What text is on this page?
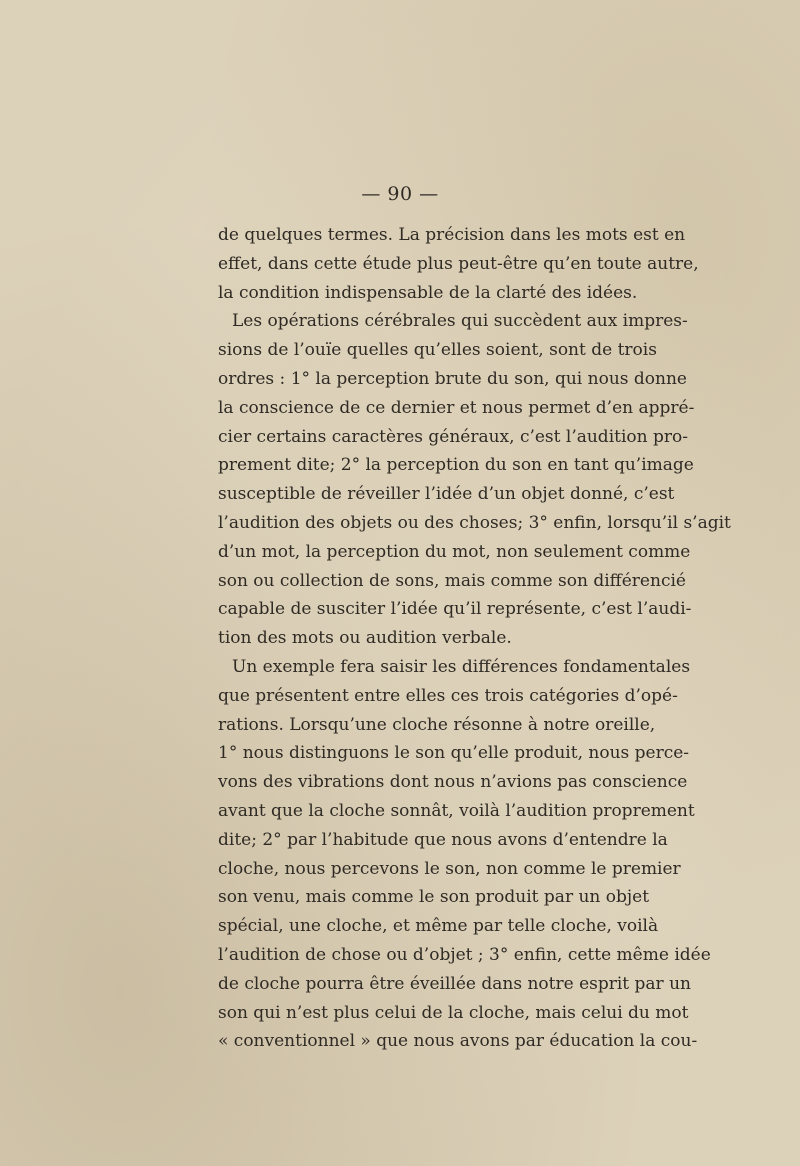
— 90 —
de quelques termes. La précision dans les mots est en
effet, dans cette étude plus peut-être qu’en toute autre,
la condition indispensable de la clarté des idées.
Les opérations cérébrales qui succèdent aux impres-
sions de l’ouïe quelles qu’elles soient, sont de trois
ordres : 1° la perception brute du son, qui nous donne
la conscience de ce dernier et nous permet d’en appré-
cier certains caractères généraux, c’est l’audition pro-
prement dite; 2° la perception du son en tant qu’image
susceptible de réveiller l’idée d’un objet donné, c’est
l’audition des objets ou des choses; 3° enfin, lorsqu’il s’agit
d’un mot, la perception du mot, non seulement comme
son ou collection de sons, mais comme son différencié
capable de susciter l’idée qu’il représente, c’est l’audi-
tion des mots ou audition verbale.
Un exemple fera saisir les différences fondamentales
que présentent entre elles ces trois catégories d’opé-
rations. Lorsqu’une cloche résonne à notre oreille,
1° nous distinguons le son qu’elle produit, nous perce-
vons des vibrations dont nous n’avions pas conscience
avant que la cloche sonnât, voilà l’audition proprement
dite; 2° par l’habitude que nous avons d’entendre la
cloche, nous percevons le son, non comme le premier
son venu, mais comme le son produit par un objet
spécial, une cloche, et même par telle cloche, voilà
l’audition de chose ou d’objet ; 3° enfin, cette même idée
de cloche pourra être éveillée dans notre esprit par un
son qui n’est plus celui de la cloche, mais celui du mot
« conventionnel » que nous avons par éducation la cou-
